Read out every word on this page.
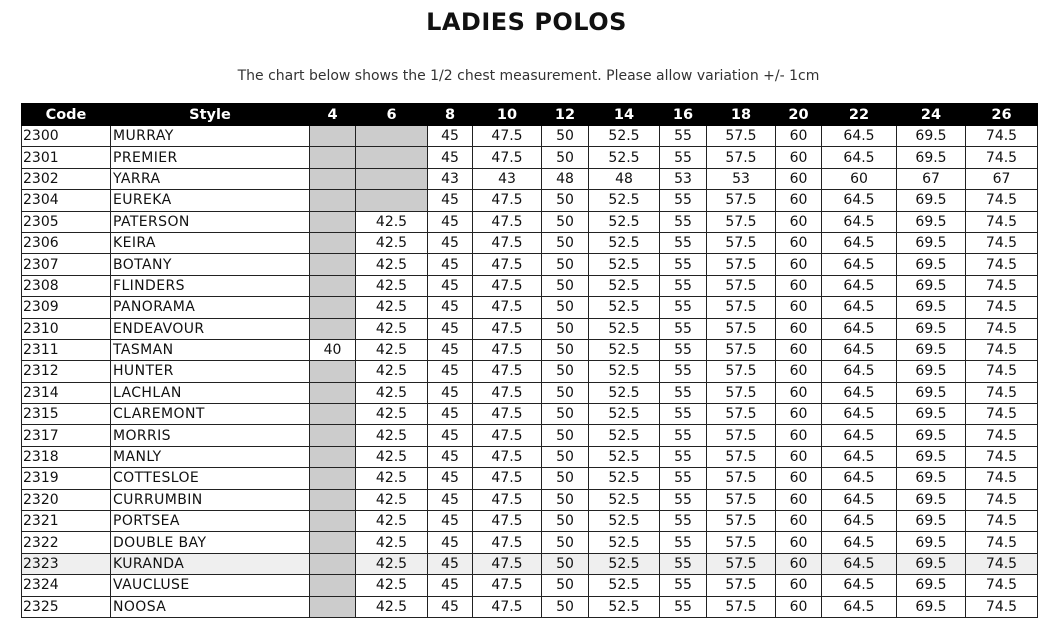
LADIES POLOS
The chart below shows the 1/2 chest measurement. Please allow variation +/- 1cm
Code	Style	4	6	8	10	12	14	16	18	20	22	24	26
2300	MURRAY			45	47.5	50	52.5	55	57.5	60	64.5	69.5	74.5
2301	PREMIER			45	47.5	50	52.5	55	57.5	60	64.5	69.5	74.5
2302	YARRA			43	43	48	48	53	53	60	60	67	67
2304	EUREKA			45	47.5	50	52.5	55	57.5	60	64.5	69.5	74.5
2305	PATERSON		42.5	45	47.5	50	52.5	55	57.5	60	64.5	69.5	74.5
2306	KEIRA		42.5	45	47.5	50	52.5	55	57.5	60	64.5	69.5	74.5
2307	BOTANY		42.5	45	47.5	50	52.5	55	57.5	60	64.5	69.5	74.5
2308	FLINDERS		42.5	45	47.5	50	52.5	55	57.5	60	64.5	69.5	74.5
2309	PANORAMA		42.5	45	47.5	50	52.5	55	57.5	60	64.5	69.5	74.5
2310	ENDEAVOUR		42.5	45	47.5	50	52.5	55	57.5	60	64.5	69.5	74.5
2311	TASMAN	40	42.5	45	47.5	50	52.5	55	57.5	60	64.5	69.5	74.5
2312	HUNTER		42.5	45	47.5	50	52.5	55	57.5	60	64.5	69.5	74.5
2314	LACHLAN		42.5	45	47.5	50	52.5	55	57.5	60	64.5	69.5	74.5
2315	CLAREMONT		42.5	45	47.5	50	52.5	55	57.5	60	64.5	69.5	74.5
2317	MORRIS		42.5	45	47.5	50	52.5	55	57.5	60	64.5	69.5	74.5
2318	MANLY		42.5	45	47.5	50	52.5	55	57.5	60	64.5	69.5	74.5
2319	COTTESLOE		42.5	45	47.5	50	52.5	55	57.5	60	64.5	69.5	74.5
2320	CURRUMBIN		42.5	45	47.5	50	52.5	55	57.5	60	64.5	69.5	74.5
2321	PORTSEA		42.5	45	47.5	50	52.5	55	57.5	60	64.5	69.5	74.5
2322	DOUBLE BAY		42.5	45	47.5	50	52.5	55	57.5	60	64.5	69.5	74.5
2323	KURANDA		42.5	45	47.5	50	52.5	55	57.5	60	64.5	69.5	74.5
2324	VAUCLUSE		42.5	45	47.5	50	52.5	55	57.5	60	64.5	69.5	74.5
2325	NOOSA		42.5	45	47.5	50	52.5	55	57.5	60	64.5	69.5	74.5
